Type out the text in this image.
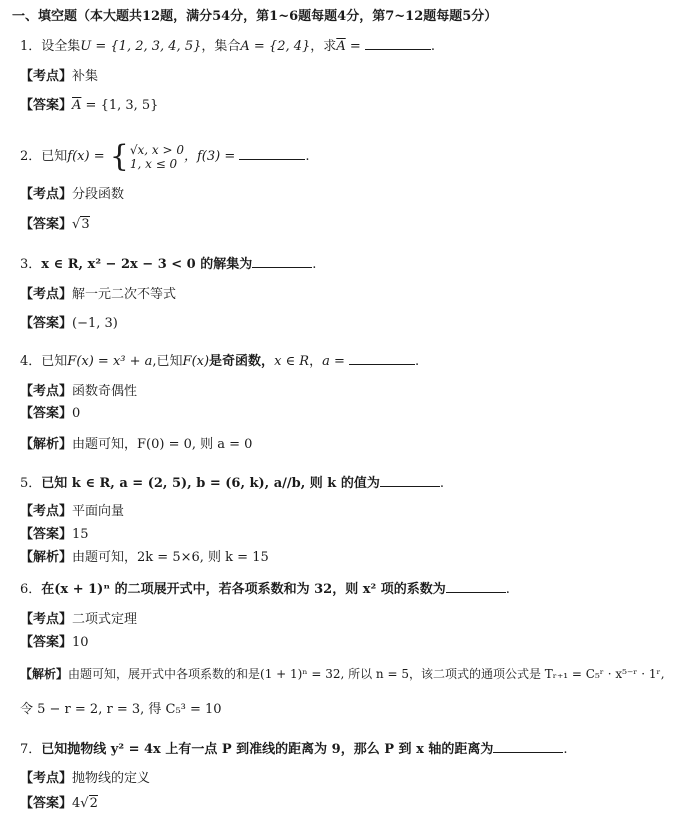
一、填空题（本大题共12题，满分54分，第1~6题每题4分，第7~12题每题5分）
1．设全集U = {1, 2, 3, 4, 5}，集合A = {2, 4}，求$\overline{A}$ =	.
【考点】补集
【答案】$\overline{A} = \{1$, 3, 5}
2．已知f(x) = { √x, x > 0
1, x ≤ 0 ，f(3) =	.
【考点】分段函数
【答案】√3
3．x ∈ R, x² − 2x − 3 < 0 的解集为	.
【考点】解一元二次不等式
【答案】(−1, 3)
4．已知F(x) = x³ + a,已知F(x)是奇函数，x ∈ R，a =	.
【考点】函数奇偶性
【答案】0
【解析】由题可知，F(0) = 0, 则 a = 0
5．已知 k ∈ R, a = (2, 5), b = (6, k), a//b, 则 k 的值为	.
【考点】平面向量
【答案】15
【解析】由题可知，2k = 5×6, 则 k = 15
6．在(x + 1)ⁿ 的二项展开式中，若各项系数和为 32，则 x² 项的系数为	.
【考点】二项式定理
【答案】10
【解析】由题可知，展开式中各项系数的和是(1 + 1)ⁿ = 32, 所以 n = 5，该二项式的通项公式是 Tᵣ₊₁ = C₅ʳ · x⁵⁻ʳ · 1ʳ,
令 5 − r = 2, r = 3, 得 C₅³ = 10
7．已知抛物线 y² = 4x 上有一点 P 到准线的距离为 9，那么 P 到 x 轴的距离为	.
【考点】抛物线的定义
【答案】4√2
